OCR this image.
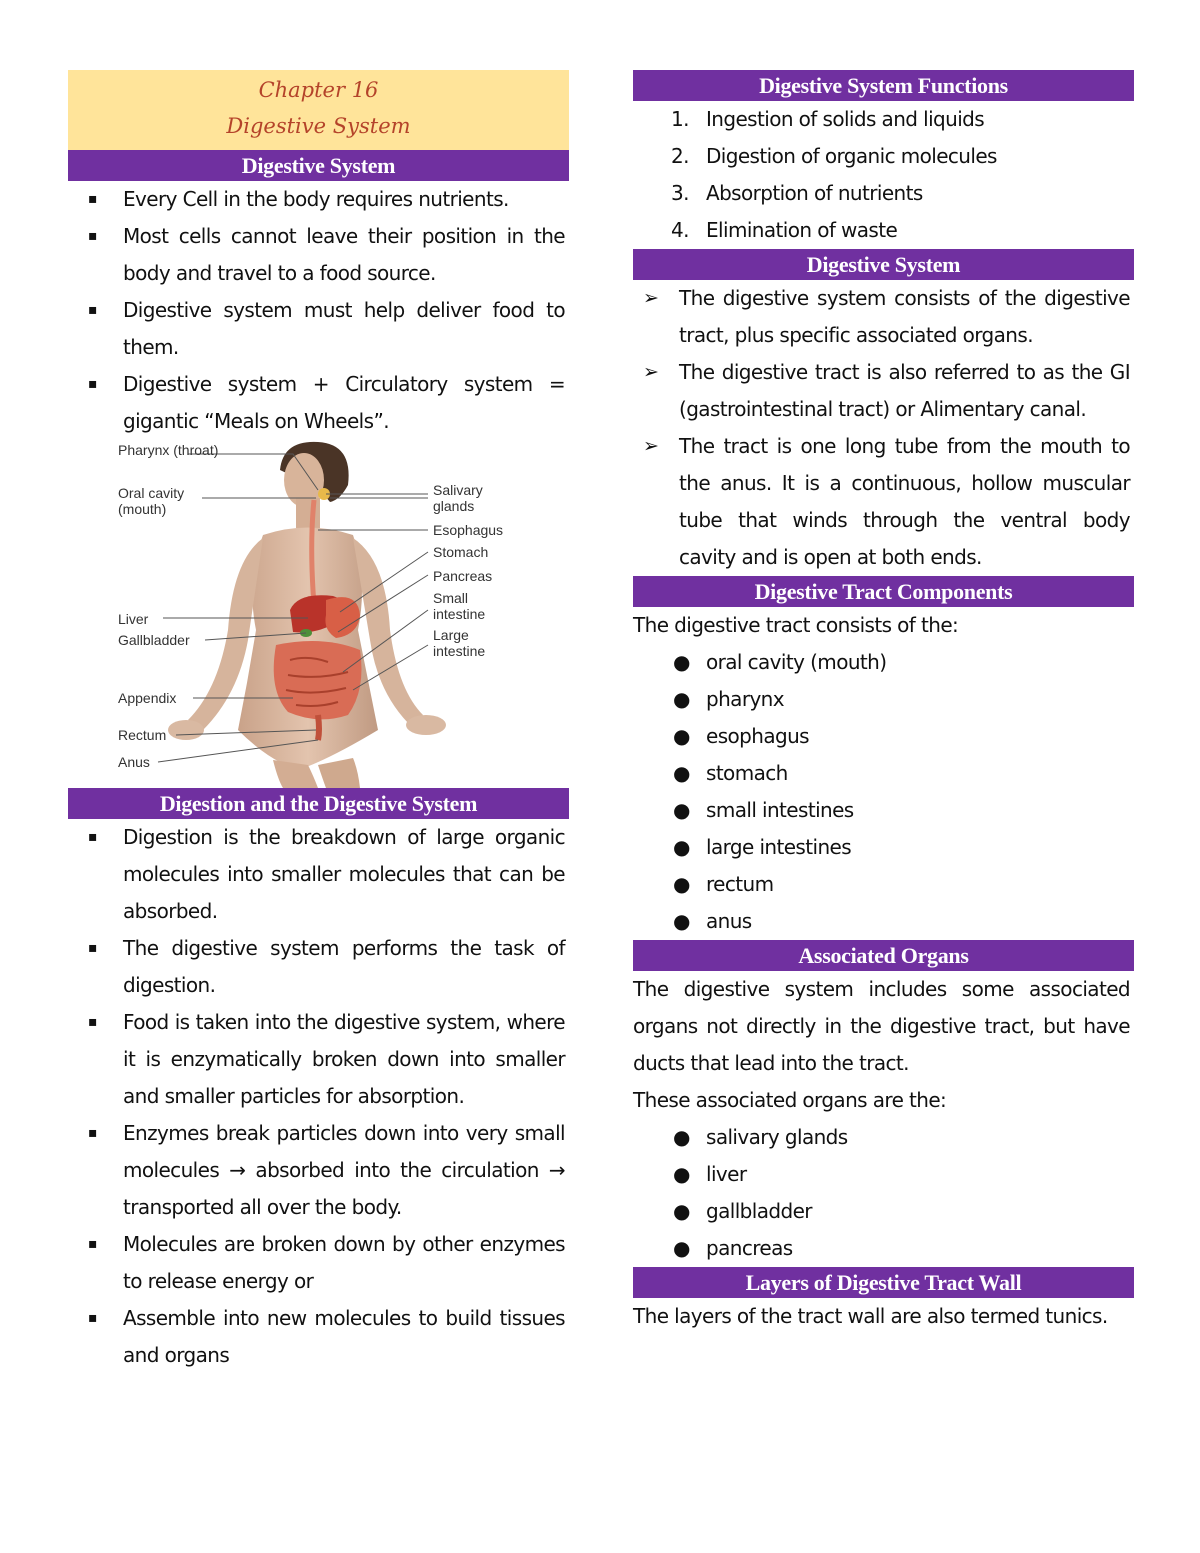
Chapter 16
Digestive System
Digestive System
▪ Every Cell in the body requires nutrients.
▪ Most cells cannot leave their position in the body and travel to a food source.
▪ Digestive system must help deliver food to them.
▪ Digestive system + Circulatory system = gigantic “Meals on Wheels”.
Pharynx (throat)
Oral cavity (mouth)
Liver
Gallbladder
Appendix
Rectum
Anus
Salivary glands
Esophagus
Stomach
Pancreas
Small intestine
Large intestine
Digestion and the Digestive System
▪ Digestion is the breakdown of large organic molecules into smaller molecules that can be absorbed.
▪ The digestive system performs the task of digestion.
▪ Food is taken into the digestive system, where it is enzymatically broken down into smaller and smaller particles for absorption.
▪ Enzymes break particles down into very small molecules → absorbed into the circulation → transported all over the body.
▪ Molecules are broken down by other enzymes to release energy or
▪ Assemble into new molecules to build tissues and organs
Digestive System Functions
1. Ingestion of solids and liquids
2. Digestion of organic molecules
3. Absorption of nutrients
4. Elimination of waste
Digestive System
➢ The digestive system consists of the digestive tract, plus specific associated organs.
➢ The digestive tract is also referred to as the GI (gastrointestinal tract) or Alimentary canal.
➢ The tract is one long tube from the mouth to the anus. It is a continuous, hollow muscular tube that winds through the ventral body cavity and is open at both ends.
Digestive Tract Components
The digestive tract consists of the:
● oral cavity (mouth)
● pharynx
● esophagus
● stomach
● small intestines
● large intestines
● rectum
● anus
Associated Organs
The digestive system includes some associated organs not directly in the digestive tract, but have ducts that lead into the tract.
These associated organs are the:
● salivary glands
● liver
● gallbladder
● pancreas
Layers of Digestive Tract Wall
The layers of the tract wall are also termed tunics.
